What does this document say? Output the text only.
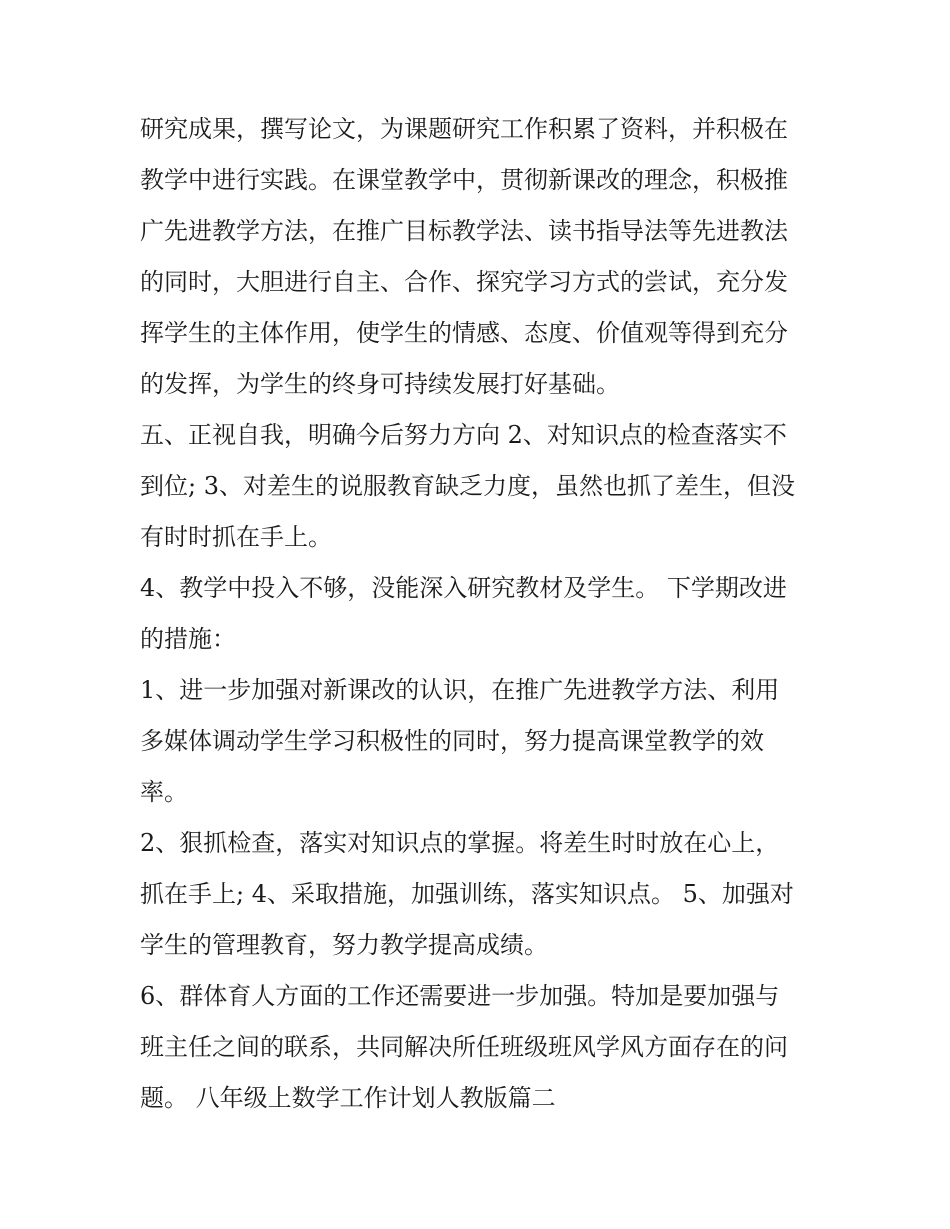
研究成果，撰写论文，为课题研究工作积累了资料，并积极在
教学中进行实践。在课堂教学中，贯彻新课改的理念，积极推
广先进教学方法，在推广目标教学法、读书指导法等先进教法
的同时，大胆进行自主、合作、探究学习方式的尝试，充分发
挥学生的主体作用，使学生的情感、态度、价值观等得到充分
的发挥，为学生的终身可持续发展打好基础。
五、正视自我，明确今后努力方向 2、对知识点的检查落实不
到位; 3、对差生的说服教育缺乏力度，虽然也抓了差生，但没
有时时抓在手上。
4、教学中投入不够，没能深入研究教材及学生。 下学期改进
的措施：
1、进一步加强对新课改的认识，在推广先进教学方法、利用
多媒体调动学生学习积极性的同时，努力提高课堂教学的效
率。
2、狠抓检查，落实对知识点的掌握。将差生时时放在心上，
抓在手上; 4、采取措施，加强训练，落实知识点。 5、加强对
学生的管理教育，努力教学提高成绩。
6、群体育人方面的工作还需要进一步加强。特加是要加强与
班主任之间的联系，共同解决所任班级班风学风方面存在的问
题。 八年级上数学工作计划人教版篇二
